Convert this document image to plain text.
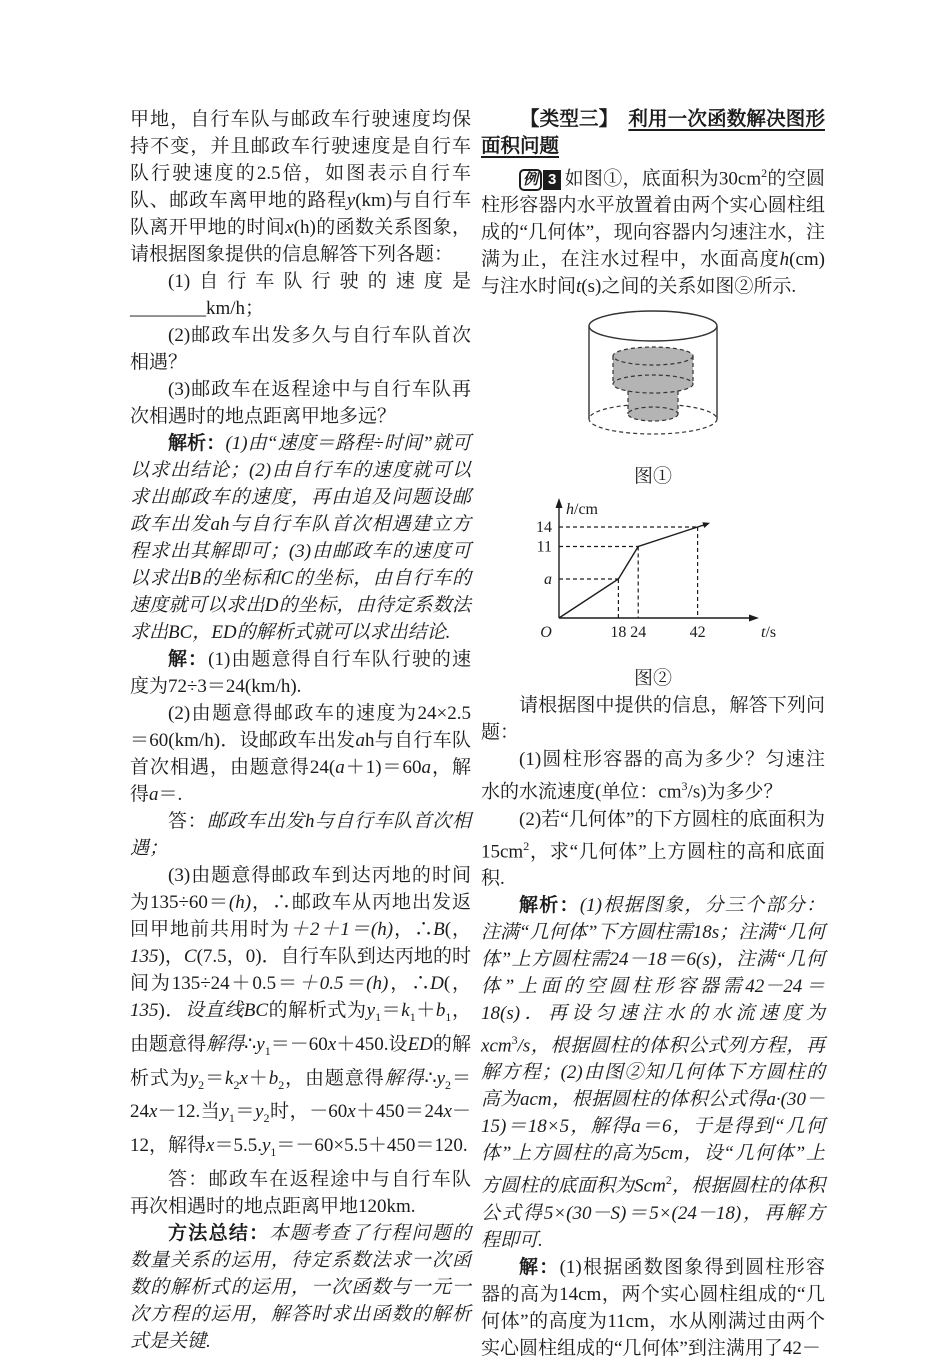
甲地，自行车队与邮政车行驶速度均保持不变，并且邮政车行驶速度是自行车队行驶速度的2.5倍，如图表示自行车队、邮政车离甲地的路程y(km)与自行车队离开甲地的时间x(h)的函数关系图象，请根据图象提供的信息解答下列各题：

(1)自行车队行驶的速度是________km/h；

(2)邮政车出发多久与自行车队首次相遇？

(3)邮政车在返程途中与自行车队再次相遇时的地点距离甲地多远？

解析：(1)由“速度＝路程÷时间”就可以求出结论；(2)由自行车的速度就可以求出邮政车的速度，再由追及问题设邮政车出发ah与自行车队首次相遇建立方程求出其解即可；(3)由邮政车的速度可以求出B的坐标和C的坐标，由自行车的速度就可以求出D的坐标，由待定系数法求出BC，ED的解析式就可以求出结论.

解：(1)由题意得自行车队行驶的速度为72÷3＝24(km/h).

(2)由题意得邮政车的速度为24×2.5＝60(km/h)．设邮政车出发ah与自行车队首次相遇，由题意得24(a＋1)＝60a，解得a＝.

答：邮政车出发h与自行车队首次相遇；

(3)由题意得邮政车到达丙地的时间为135÷60＝(h)，∴邮政车从丙地出发返回甲地前共用时为＋2＋1＝(h)，∴B(，135)，C(7.5，0)．自行车队到达丙地的时间为135÷24＋0.5＝＋0.5＝(h)，∴D(，135)．设直线BC的解析式为$y_1=k_1+b_1$，由题意得解得$\therefore y_1=-60x+450$.设ED的解析式为$y_2=k_2x+b_2$，由题意得解得$\therefore y_2=24x-12$.当$y_1=y_2$时，－60x＋450＝24x－12，解得$x=5.5.y_1=-60\times 5.5+450=120$.

答：邮政车在返程途中与自行车队再次相遇时的地点距离甲地120km.

方法总结：本题考查了行程问题的数量关系的运用，待定系数法求一次函数的解析式的运用，一次函数与一元一次方程的运用，解答时求出函数的解析式是关键.

【类型三】　利用一次函数解决图形面积问题

例 3 如图①，底面积为$30cm^2$的空圆柱形容器内水平放置着由两个实心圆柱组成的“几何体”，现向容器内匀速注水，注满为止，在注水过程中，水面高度h(cm)与注水时间t(s)之间的关系如图②所示.

图①
14
11
a
18 24	42
O
h/cm
t/s
图②

请根据图中提供的信息，解答下列问题：

(1)圆柱形容器的高为多少？匀速注水的水流速度(单位：$cm^3/s$)为多少？

(2)若“几何体”的下方圆柱的底面积为$15cm^2$，求“几何体”上方圆柱的高和底面积.

解析：(1)根据图象，分三个部分：注满“几何体”下方圆柱需18s；注满“几何体”上方圆柱需24－18＝6(s)，注满“几何体”上面的空圆柱形容器需42－24＝18(s)．再设匀速注水的水流速度为xcm$^3$/s，根据圆柱的体积公式列方程，再解方程；(2)由图②知几何体下方圆柱的高为acm，根据圆柱的体积公式得a·(30－15)＝18×5，解得a＝6，于是得到“几何体”上方圆柱的高为5cm，设“几何体”上方圆柱的底面积为Scm$^2$，根据圆柱的体积公式得5×(30－S)＝5×(24－18)，再解方程即可.

解：(1)根据函数图象得到圆柱形容器的高为14cm，两个实心圆柱组成的“几何体”的高度为11cm，水从刚满过由两个实心圆柱组成的“几何体”到注满用了42－
